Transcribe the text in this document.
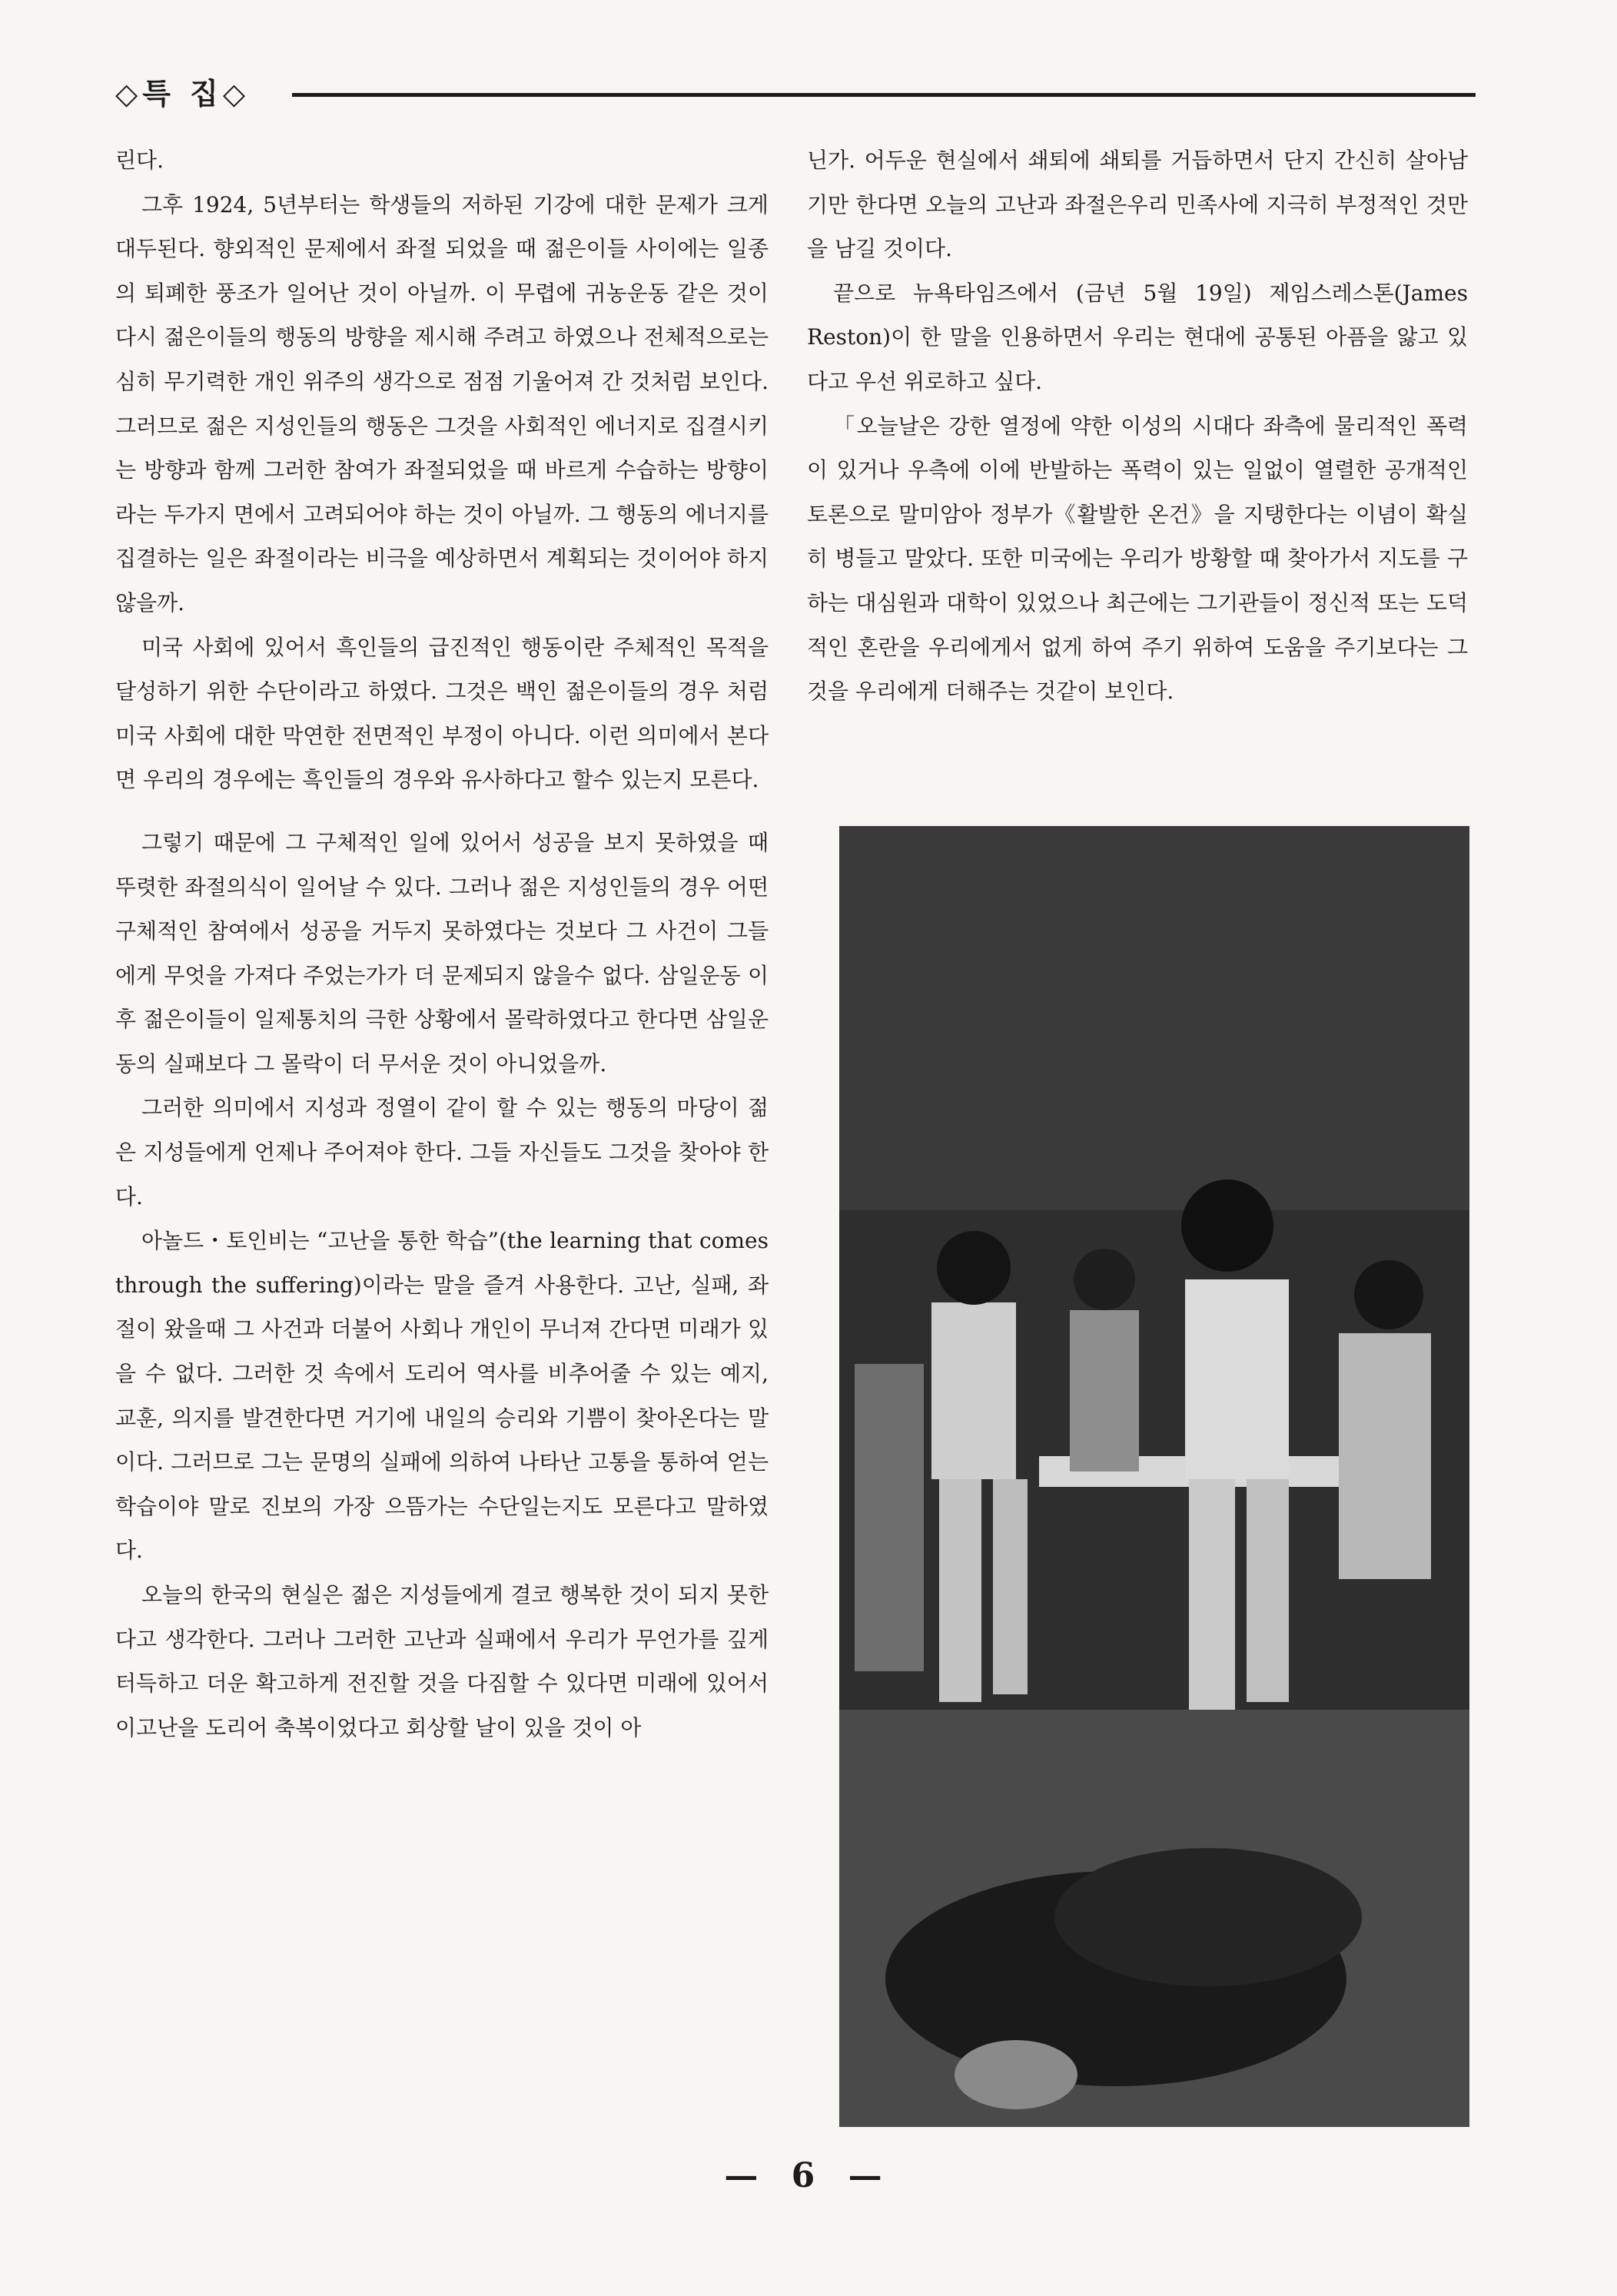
◇특 집◇

린다.

그후 1924, 5년부터는 학생들의 저하된 기강에 대한 문제가 크게 대두된다. 향외적인 문제에서 좌절 되었을 때 젊은이들 사이에는 일종의 퇴폐한 풍조가 일어난 것이 아닐까. 이 무렵에 귀농운동 같은 것이 다시 젊은이들의 행동의 방향을 제시해 주려고 하였으나 전체적으로는 심히 무기력한 개인 위주의 생각으로 점점 기울어져 간 것처럼 보인다. 그러므로 젊은 지성인들의 행동은 그것을 사회적인 에너지로 집결시키는 방향과 함께 그러한 참여가 좌절되었을 때 바르게 수습하는 방향이라는 두가지 면에서 고려되어야 하는 것이 아닐까. 그 행동의 에너지를 집결하는 일은 좌절이라는 비극을 예상하면서 계획되는 것이어야 하지 않을까.

미국 사회에 있어서 흑인들의 급진적인 행동이란 주체적인 목적을 달성하기 위한 수단이라고 하였다. 그것은 백인 젊은이들의 경우 처럼 미국 사회에 대한 막연한 전면적인 부정이 아니다. 이런 의미에서 본다면 우리의 경우에는 흑인들의 경우와 유사하다고 할수 있는지 모른다.

그렇기 때문에 그 구체적인 일에 있어서 성공을 보지 못하였을 때 뚜렷한 좌절의식이 일어날 수 있다. 그러나 젊은 지성인들의 경우 어떤 구체적인 참여에서 성공을 거두지 못하였다는 것보다 그 사건이 그들에게 무엇을 가져다 주었는가가 더 문제되지 않을수 없다. 삼일운동 이후 젊은이들이 일제통치의 극한 상황에서 몰락하였다고 한다면 삼일운동의 실패보다 그 몰락이 더 무서운 것이 아니었을까.

그러한 의미에서 지성과 정열이 같이 할 수 있는 행동의 마당이 젊은 지성들에게 언제나 주어져야 한다. 그들 자신들도 그것을 찾아야 한다.

아놀드・토인비는 “고난을 통한 학습”(the learning that comes through the suffering)이라는 말을 즐겨 사용한다. 고난, 실패, 좌절이 왔을때 그 사건과 더불어 사회나 개인이 무너져 간다면 미래가 있을 수 없다. 그러한 것 속에서 도리어 역사를 비추어줄 수 있는 예지, 교훈, 의지를 발견한다면 거기에 내일의 승리와 기쁨이 찾아온다는 말이다. 그러므로 그는 문명의 실패에 의하여 나타난 고통을 통하여 얻는 학습이야 말로 진보의 가장 으뜸가는 수단일는지도 모른다고 말하였다.

오늘의 한국의 현실은 젊은 지성들에게 결코 행복한 것이 되지 못한다고 생각한다. 그러나 그러한 고난과 실패에서 우리가 무언가를 깊게 터득하고 더운 확고하게 전진할 것을 다짐할 수 있다면 미래에 있어서 이고난을 도리어 축복이었다고 회상할 날이 있을 것이 아

닌가. 어두운 현실에서 쇄퇴에 쇄퇴를 거듭하면서 단지 간신히 살아남기만 한다면 오늘의 고난과 좌절은우리 민족사에 지극히 부정적인 것만을 남길 것이다.

끝으로 뉴욕타임즈에서 (금년 5월 19일) 제임스레스톤(James Reston)이 한 말을 인용하면서 우리는 현대에 공통된 아픔을 앓고 있다고 우선 위로하고 싶다.

「오늘날은 강한 열정에 약한 이성의 시대다 좌측에 물리적인 폭력이 있거나 우측에 이에 반발하는 폭력이 있는 일없이 열렬한 공개적인 토론으로 말미암아 정부가《활발한 온건》을 지탱한다는 이념이 확실히 병들고 말았다. 또한 미국에는 우리가 방황할 때 찾아가서 지도를 구하는 대심원과 대학이 있었으나 최근에는 그기관들이 정신적 또는 도덕적인 혼란을 우리에게서 없게 하여 주기 위하여 도움을 주기보다는 그것을 우리에게 더해주는 것같이 보인다.

— 6 —
